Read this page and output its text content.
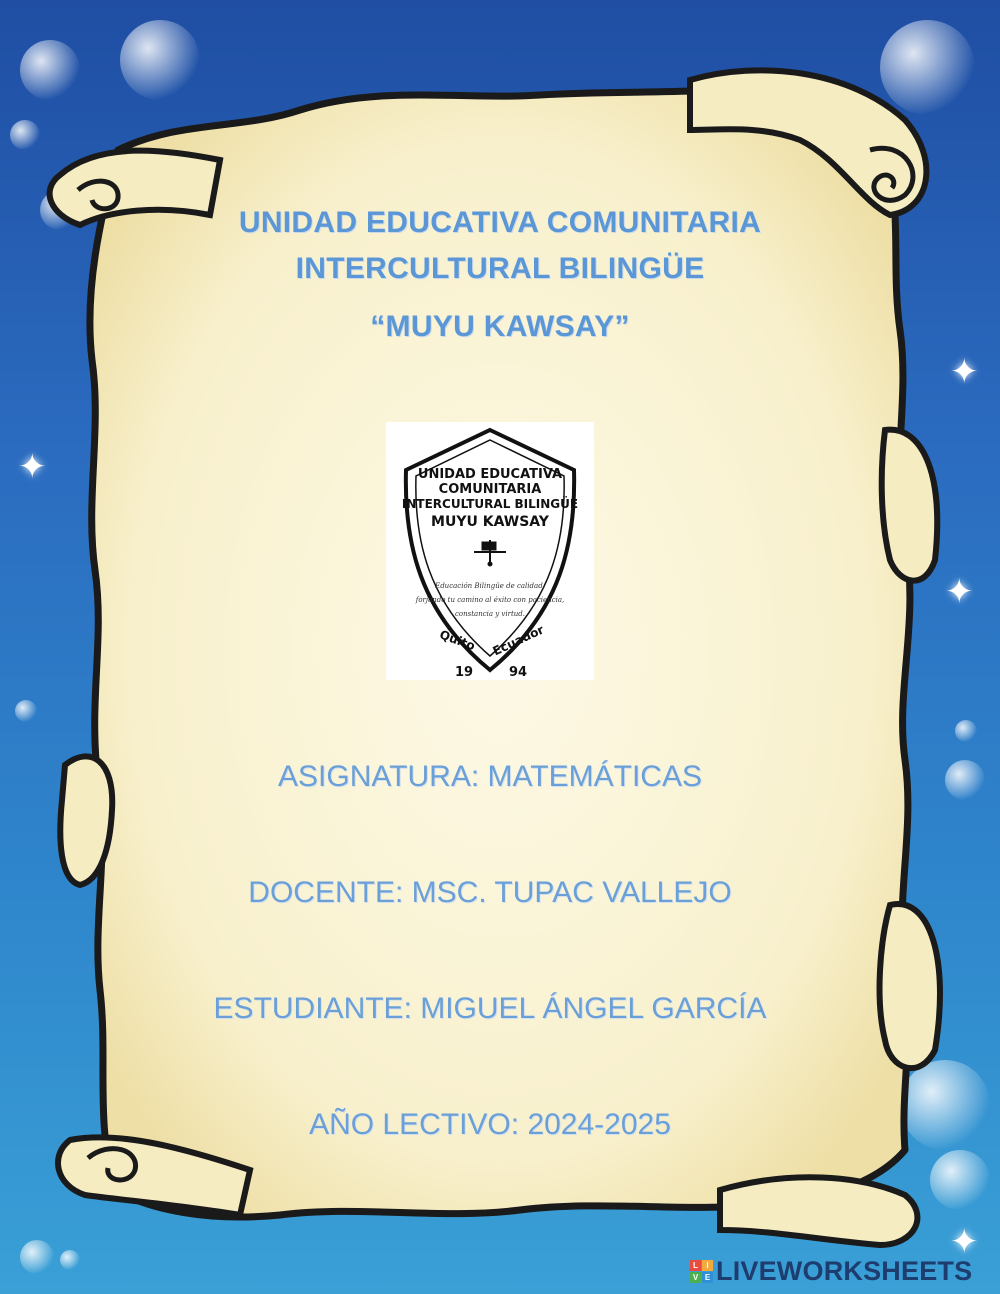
✦
✦
✦
✦
UNIDAD EDUCATIVA COMUNITARIA
INTERCULTURAL BILINGÜE
“MUYU KAWSAY”
UNIDAD EDUCATIVA
COMUNITARIA
INTERCULTURAL BILINGÜE
MUYU KAWSAY
Educación Bilingüe de calidad,
forjando tu camino al éxito con paciencia,
constancia y virtud.
Quito Ecuador
19	94
ASIGNATURA: MATEMÁTICAS
DOCENTE: MSC. TUPAC VALLEJO
ESTUDIANTE: MIGUEL ÁNGEL GARCÍA
AÑO LECTIVO: 2024-2025
L	I
V E LIVEWORKSHEETS
